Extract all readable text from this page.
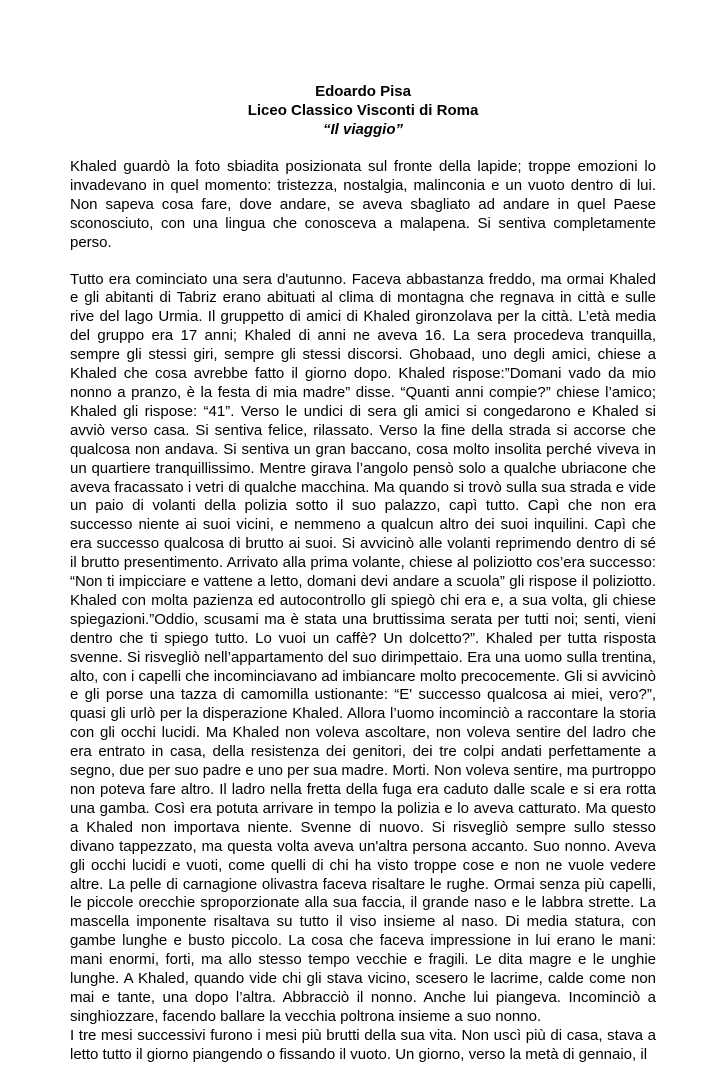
Edoardo Pisa
Liceo Classico Visconti di Roma
“Il viaggio”

Khaled guardò la foto sbiadita posizionata sul fronte della lapide; troppe emozioni lo invadevano in quel momento: tristezza, nostalgia, malinconia e un vuoto dentro di lui. Non sapeva cosa fare, dove andare, se aveva sbagliato ad andare in quel Paese sconosciuto, con una lingua che conosceva a malapena. Si sentiva completamente perso.

Tutto era cominciato una sera d'autunno. Faceva abbastanza freddo, ma ormai Khaled e gli abitanti di Tabriz erano abituati al clima di montagna che regnava in città e sulle rive del lago Urmia. Il gruppetto di amici di Khaled gironzolava per la città. L’età media del gruppo era 17 anni; Khaled di anni ne aveva 16. La sera procedeva tranquilla, sempre gli stessi giri, sempre gli stessi discorsi. Ghobaad, uno degli amici, chiese a Khaled che cosa avrebbe fatto il giorno dopo. Khaled rispose:”Domani vado da mio nonno a pranzo, è la festa di mia madre” disse. “Quanti anni compie?” chiese l’amico; Khaled gli rispose: “41”. Verso le undici di sera gli amici si congedarono e Khaled si avviò verso casa. Si sentiva felice, rilassato. Verso la fine della strada si accorse che qualcosa non andava. Si sentiva un gran baccano, cosa molto insolita perché viveva in un quartiere tranquillissimo. Mentre girava l’angolo pensò solo a qualche ubriacone che aveva fracassato i vetri di qualche macchina. Ma quando si trovò sulla sua strada e vide un paio di volanti della polizia sotto il suo palazzo, capì tutto. Capì che non era successo niente ai suoi vicini, e nemmeno a qualcun altro dei suoi inquilini. Capì che era successo qualcosa di brutto ai suoi. Si avvicinò alle volanti reprimendo dentro di sé il brutto presentimento. Arrivato alla prima volante, chiese al poliziotto cos’era successo: “Non ti impicciare e vattene a letto, domani devi andare a scuola” gli rispose il poliziotto. Khaled con molta pazienza ed autocontrollo gli spiegò chi era e, a sua volta, gli chiese spiegazioni.”Oddio, scusami ma è stata una bruttissima serata per tutti noi; senti, vieni dentro che ti spiego tutto. Lo vuoi un caffè? Un dolcetto?”. Khaled per tutta risposta svenne. Si risvegliò nell’appartamento del suo dirimpettaio. Era una uomo sulla trentina, alto, con i capelli che incominciavano ad imbiancare molto precocemente. Gli si avvicinò e gli porse una tazza di camomilla ustionante: “E' successo qualcosa ai miei, vero?”, quasi gli urlò per la disperazione Khaled. Allora l’uomo incominciò a raccontare la storia con gli occhi lucidi. Ma Khaled non voleva ascoltare, non voleva sentire del ladro che era entrato in casa, della resistenza dei genitori, dei tre colpi andati perfettamente a segno, due per suo padre e uno per sua madre. Morti. Non voleva sentire, ma purtroppo non poteva fare altro. Il ladro nella fretta della fuga era caduto dalle scale e si era rotta una gamba. Così era potuta arrivare in tempo la polizia e lo aveva catturato. Ma questo a Khaled non importava niente. Svenne di nuovo. Si risvegliò sempre sullo stesso divano tappezzato, ma questa volta aveva un'altra persona accanto. Suo nonno. Aveva gli occhi lucidi e vuoti, come quelli di chi ha visto troppe cose e non ne vuole vedere altre. La pelle di carnagione olivastra faceva risaltare le rughe. Ormai senza più capelli, le piccole orecchie sproporzionate alla sua faccia, il grande naso e le labbra strette. La mascella imponente risaltava su tutto il viso insieme al naso. Di media statura, con gambe lunghe e busto piccolo. La cosa che faceva impressione in lui erano le mani: mani enormi, forti, ma allo stesso tempo vecchie e fragili. Le dita magre e le unghie lunghe. A Khaled, quando vide chi gli stava vicino, scesero le lacrime, calde come non mai e tante, una dopo l’altra. Abbracciò il nonno. Anche lui piangeva. Incominciò a singhiozzare, facendo ballare la vecchia poltrona insieme a suo nonno.

I tre mesi successivi furono i mesi più brutti della sua vita. Non uscì più di casa, stava a letto tutto il giorno piangendo o fissando il vuoto. Un giorno, verso la metà di gennaio, il
